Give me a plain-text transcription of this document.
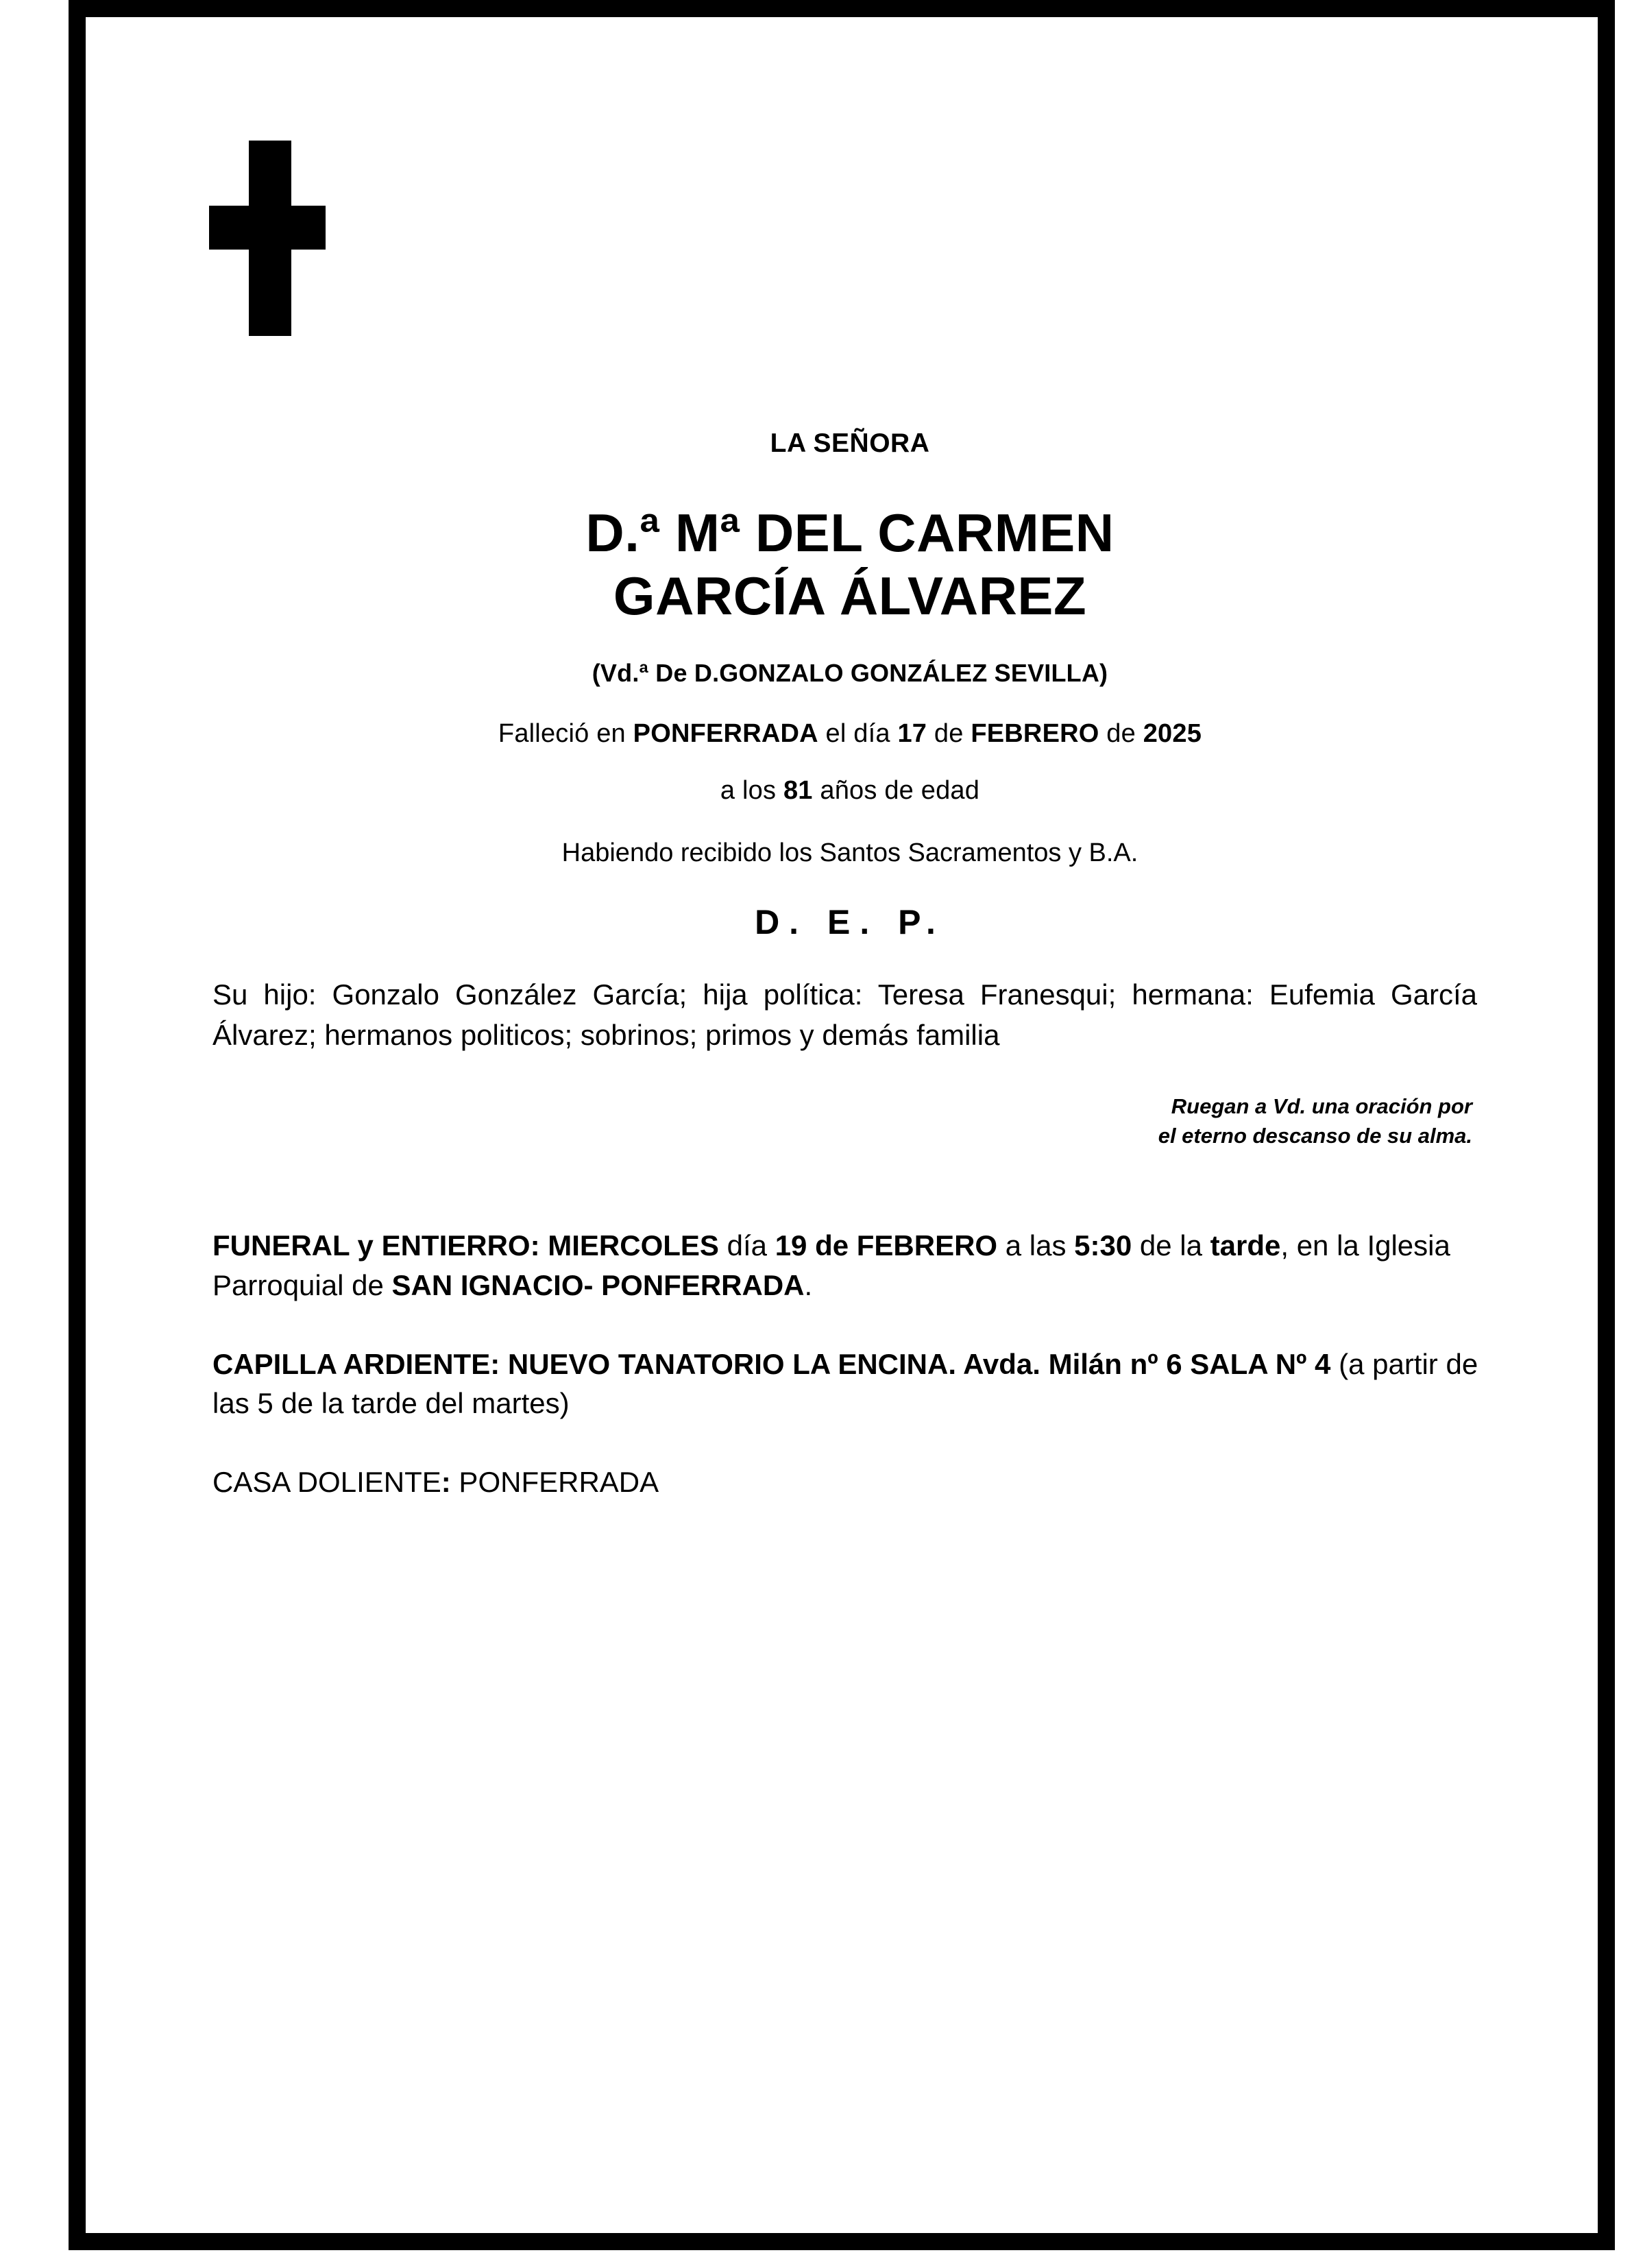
LA SEÑORA
D.ª Mª DEL CARMEN
GARCÍA ÁLVAREZ
(Vd.ª De D.GONZALO GONZÁLEZ SEVILLA)
Falleció en PONFERRADA el día 17 de FEBRERO de 2025
a los 81 años de edad
Habiendo recibido los Santos Sacramentos y B.A.
D. E. P.
Su hijo: Gonzalo González García; hija política: Teresa Franesqui; hermana: Eufemia García Álvarez; hermanos politicos; sobrinos; primos y demás familia
Ruegan a Vd. una oración por
el eterno descanso de su alma.
FUNERAL y ENTIERRO: MIERCOLES día 19 de FEBRERO a las 5:30 de la tarde, en la Iglesia Parroquial de SAN IGNACIO- PONFERRADA.
CAPILLA ARDIENTE: NUEVO TANATORIO LA ENCINA. Avda. Milán nº 6 SALA Nº 4 (a partir de las 5 de la tarde del martes)
CASA DOLIENTE: PONFERRADA
